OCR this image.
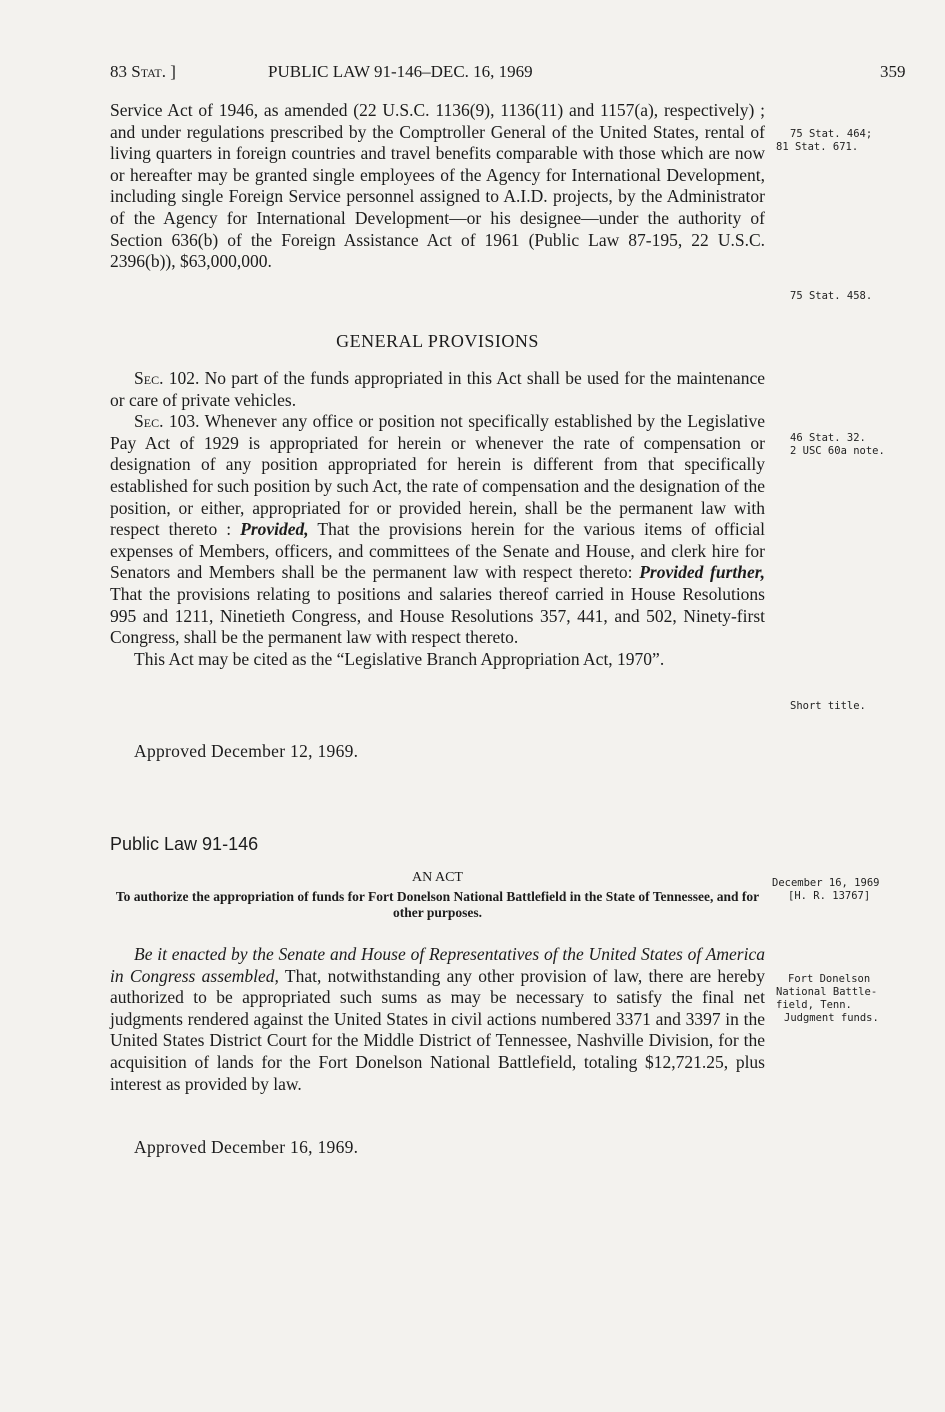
83 Stat. ]	PUBLIC LAW 91-146–DEC. 16, 1969	359

Service Act of 1946, as amended (22 U.S.C. 1136(9), 1136(11) and 1157(a), respectively) ; and under regulations prescribed by the Comptroller General of the United States, rental of living quarters in foreign countries and travel benefits comparable with those which are now or hereafter may be granted single employees of the Agency for International Development, including single Foreign Service personnel assigned to A.I.D. projects, by the Administrator of the Agency for International Development—or his designee—under the authority of Section 636(b) of the Foreign Assistance Act of 1961 (Public Law 87-195, 22 U.S.C. 2396(b)), $63,000,000.

GENERAL PROVISIONS

Sec. 102. No part of the funds appropriated in this Act shall be used for the maintenance or care of private vehicles.

Sec. 103. Whenever any office or position not specifically established by the Legislative Pay Act of 1929 is appropriated for herein or whenever the rate of compensation or designation of any position appropriated for herein is different from that specifically established for such position by such Act, the rate of compensation and the designation of the position, or either, appropriated for or provided herein, shall be the permanent law with respect thereto : Provided, That the provisions herein for the various items of official expenses of Members, officers, and committees of the Senate and House, and clerk hire for Senators and Members shall be the permanent law with respect thereto: Provided further, That the provisions relating to positions and salaries thereof carried in House Resolutions 995 and 1211, Ninetieth Congress, and House Resolutions 357, 441, and 502, Ninety-first Congress, shall be the permanent law with respect thereto.

This Act may be cited as the “Legislative Branch Appropriation Act, 1970”.

Approved December 12, 1969.

Public Law 91-146
AN ACT
To authorize the appropriation of funds for Fort Donelson National Battlefield in the State of Tennessee, and for other purposes.

Be it enacted by the Senate and House of Representatives of the United States of America in Congress assembled, That, notwithstanding any other provision of law, there are hereby authorized to be appropriated such sums as may be necessary to satisfy the final net judgments rendered against the United States in civil actions numbered 3371 and 3397 in the United States District Court for the Middle District of Tennessee, Nashville Division, for the acquisition of lands for the Fort Donelson National Battlefield, totaling $12,721.25, plus interest as provided by law.

Approved December 16, 1969.
75 Stat. 464;
81 Stat. 671.
75 Stat. 458.
46 Stat. 32.
2 USC 60a note.
Short title.
December 16, 1969
[H. R. 13767]
Fort Donelson
National Battle-
field, Tenn.
Judgment funds.
